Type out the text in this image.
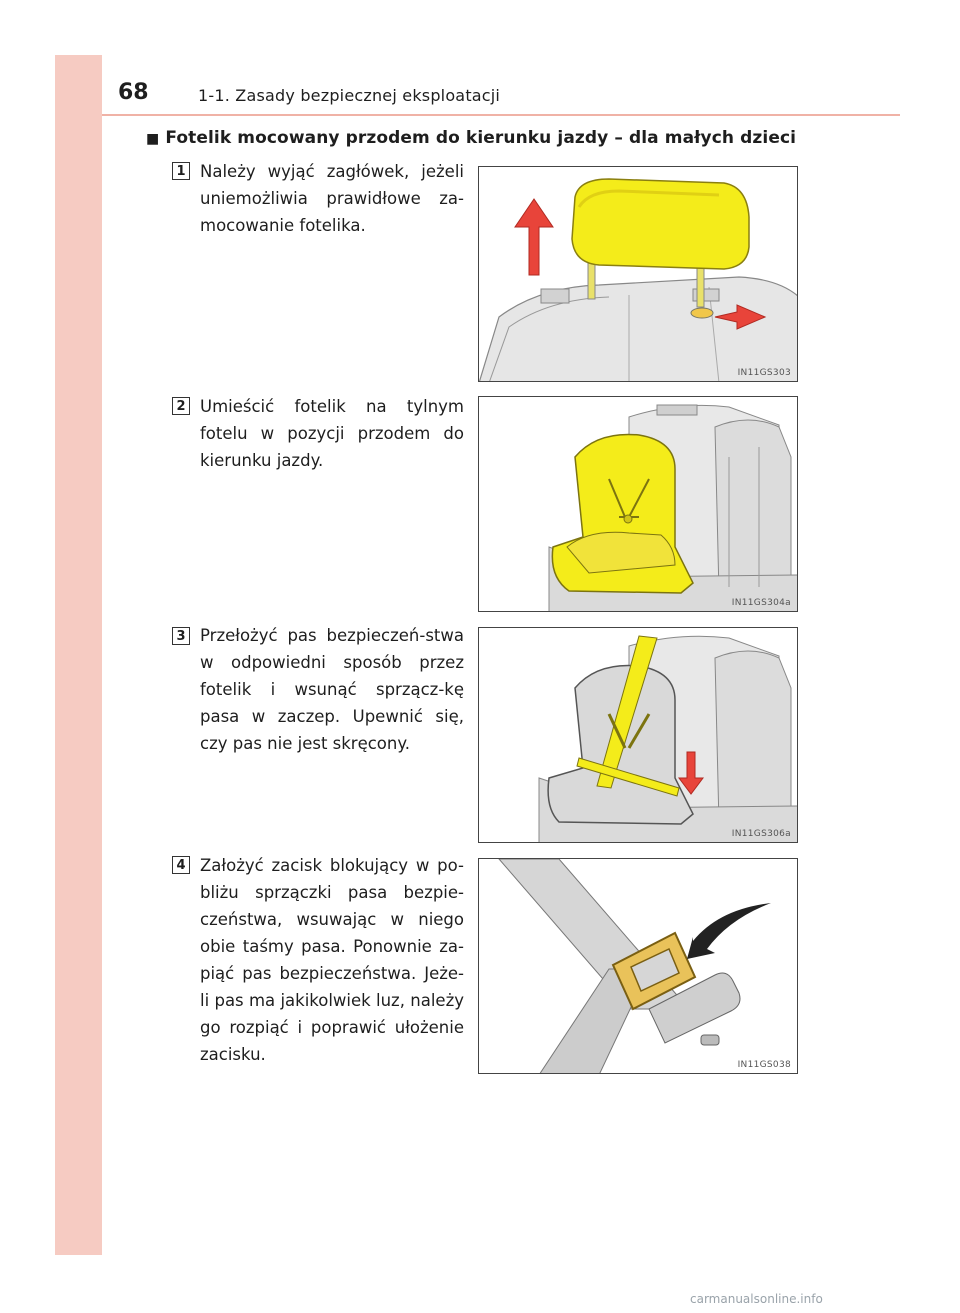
68	1-1. Zasady bezpiecznej eksploatacji
■ Fotelik mocowany przodem do kierunku jazdy – dla małych dzieci
1 Należy wyjąć zagłówek, jeżeli uniemożliwia prawidłowe za-mocowanie fotelika.
IN11GS303
2 Umieścić fotelik na tylnym fotelu w pozycji przodem do kierunku jazdy.
IN11GS304a
3 Przełożyć pas bezpieczeń-stwa w odpowiedni sposób przez fotelik i wsunąć sprzącz-kę pasa w zaczep. Upewnić się, czy pas nie jest skręcony.
IN11GS306a
4 Założyć zacisk blokujący w po-bliżu sprzączki pasa bezpie-czeństwa, wsuwając w niego obie taśmy pasa. Ponownie za-piąć pas bezpieczeństwa. Jeże-li pas ma jakikolwiek luz, należy go rozpiąć i poprawić ułożenie zacisku.
IN11GS038
carmanualsonline.info
